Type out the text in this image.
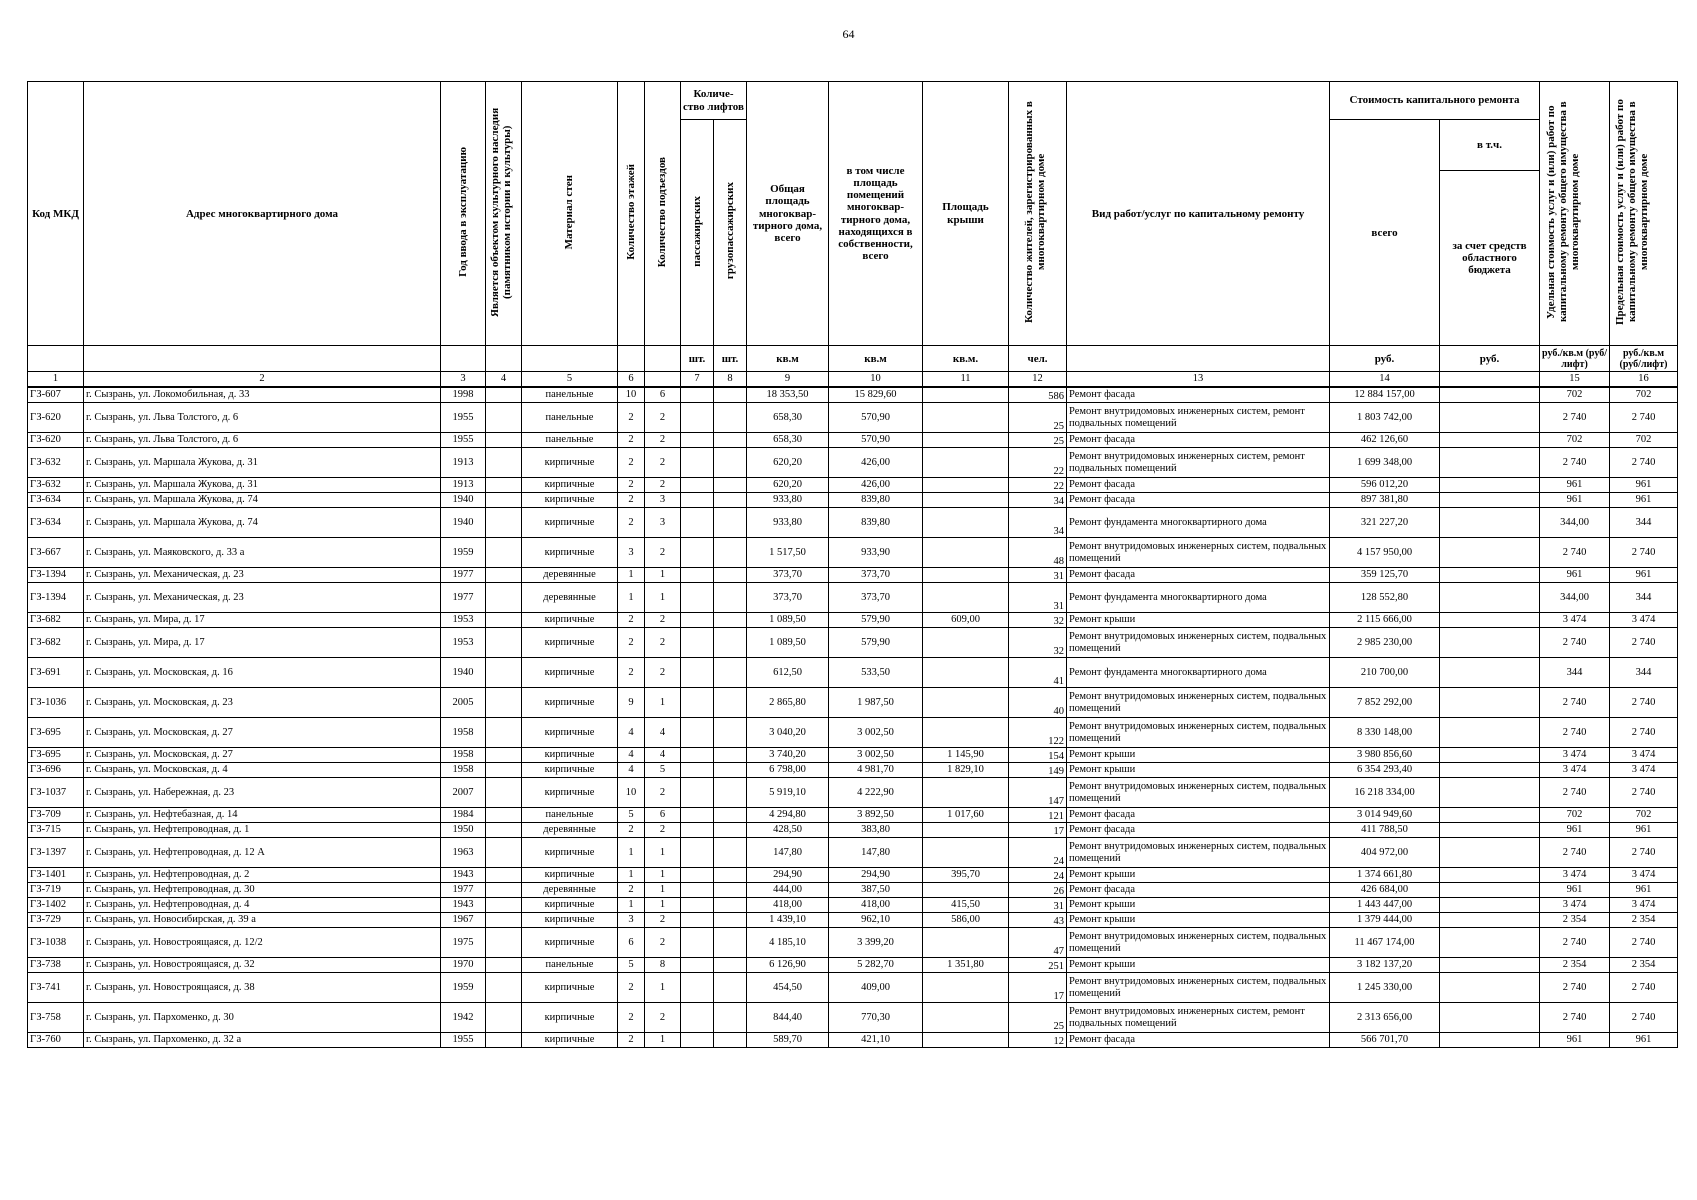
64
Код МКД	Адрес многоквартирного дома	Год ввода в эксплуатацию	Является объектом культурного наследия (памятником истории и культуры)	Материал стен	Количество этажей	Количество подъездов	Количе-ство лифтов		Общая площадь многоквар-тирного дома, всего	в том числе площадь помещений многоквар-тирного дома, находящихся в собственности, всего	Площадь крыши	Количество жителей, зарегистрированных в многоквартирном доме	Вид работ/услуг по капитальному ремонту	Стоимость капитального ремонта		Удельная стоимость услуг и (или) работ по капитальному ремонту общего имущества в многоквартирном доме	Предельная стоимость услуг и (или) работ по капитальному ремонту общего имущества в многоквартирном доме
							пассажирских	грузопассажирских						всего	в т.ч.		
															за счет средств областного бюджета		
							шт.	шт.	кв.м	кв.м	кв.м.	чел.		руб.	руб.	руб./кв.м (руб/лифт)	руб./кв.м (руб/лифт)
1	2	3	4	5	6		7	8	9	10	11	12	13	14		15	16
ГЗ-607	г. Сызрань, ул. Локомобильная, д. 33	1998		панельные	10	6			18 353,50	15 829,60		586	Ремонт фасада	12 884 157,00		702	702
ГЗ-620	г. Сызрань, ул. Льва Толстого, д. 6	1955		панельные	2	2			658,30	570,90		25	Ремонт внутридомовых инженерных систем, ремонт подвальных помещений	1 803 742,00		2 740	2 740
ГЗ-620	г. Сызрань, ул. Льва Толстого, д. 6	1955		панельные	2	2			658,30	570,90		25	Ремонт фасада	462 126,60		702	702
ГЗ-632	г. Сызрань, ул. Маршала Жукова, д. 31	1913		кирпичные	2	2			620,20	426,00		22	Ремонт внутридомовых инженерных систем, ремонт подвальных помещений	1 699 348,00		2 740	2 740
ГЗ-632	г. Сызрань, ул. Маршала Жукова, д. 31	1913		кирпичные	2	2			620,20	426,00		22	Ремонт фасада	596 012,20		961	961
ГЗ-634	г. Сызрань, ул. Маршала Жукова, д. 74	1940		кирпичные	2	3			933,80	839,80		34	Ремонт фасада	897 381,80		961	961
ГЗ-634	г. Сызрань, ул. Маршала Жукова, д. 74	1940		кирпичные	2	3			933,80	839,80		34	Ремонт фундамента многоквартирного дома	321 227,20		344,00	344
ГЗ-667	г. Сызрань, ул. Маяковского, д. 33 а	1959		кирпичные	3	2			1 517,50	933,90		48	Ремонт внутридомовых инженерных систем, подвальных помещений	4 157 950,00		2 740	2 740
ГЗ-1394	г. Сызрань, ул. Механическая, д. 23	1977		деревянные	1	1			373,70	373,70		31	Ремонт фасада	359 125,70		961	961
ГЗ-1394	г. Сызрань, ул. Механическая, д. 23	1977		деревянные	1	1			373,70	373,70		31	Ремонт фундамента многоквартирного дома	128 552,80		344,00	344
ГЗ-682	г. Сызрань, ул. Мира, д. 17	1953		кирпичные	2	2			1 089,50	579,90	609,00	32	Ремонт крыши	2 115 666,00		3 474	3 474
ГЗ-682	г. Сызрань, ул. Мира, д. 17	1953		кирпичные	2	2			1 089,50	579,90		32	Ремонт внутридомовых инженерных систем, подвальных помещений	2 985 230,00		2 740	2 740
ГЗ-691	г. Сызрань, ул. Московская, д. 16	1940		кирпичные	2	2			612,50	533,50		41	Ремонт фундамента многоквартирного дома	210 700,00		344	344
ГЗ-1036	г. Сызрань, ул. Московская, д. 23	2005		кирпичные	9	1			2 865,80	1 987,50		40	Ремонт внутридомовых инженерных систем, подвальных помещений	7 852 292,00		2 740	2 740
ГЗ-695	г. Сызрань, ул. Московская, д. 27	1958		кирпичные	4	4			3 040,20	3 002,50		122	Ремонт внутридомовых инженерных систем, подвальных помещений	8 330 148,00		2 740	2 740
ГЗ-695	г. Сызрань, ул. Московская, д. 27	1958		кирпичные	4	4			3 740,20	3 002,50	1 145,90	154	Ремонт крыши	3 980 856,60		3 474	3 474
ГЗ-696	г. Сызрань, ул. Московская, д. 4	1958		кирпичные	4	5			6 798,00	4 981,70	1 829,10	149	Ремонт крыши	6 354 293,40		3 474	3 474
ГЗ-1037	г. Сызрань, ул. Набережная, д. 23	2007		кирпичные	10	2			5 919,10	4 222,90		147	Ремонт внутридомовых инженерных систем, подвальных помещений	16 218 334,00		2 740	2 740
ГЗ-709	г. Сызрань, ул. Нефтебазная, д. 14	1984		панельные	5	6			4 294,80	3 892,50	1 017,60	121	Ремонт фасада	3 014 949,60		702	702
ГЗ-715	г. Сызрань, ул. Нефтепроводная, д. 1	1950		деревянные	2	2			428,50	383,80		17	Ремонт фасада	411 788,50		961	961
ГЗ-1397	г. Сызрань, ул. Нефтепроводная, д. 12 А	1963		кирпичные	1	1			147,80	147,80		24	Ремонт внутридомовых инженерных систем, подвальных помещений	404 972,00		2 740	2 740
ГЗ-1401	г. Сызрань, ул. Нефтепроводная, д. 2	1943		кирпичные	1	1			294,90	294,90	395,70	24	Ремонт крыши	1 374 661,80		3 474	3 474
ГЗ-719	г. Сызрань, ул. Нефтепроводная, д. 30	1977		деревянные	2	1			444,00	387,50		26	Ремонт фасада	426 684,00		961	961
ГЗ-1402	г. Сызрань, ул. Нефтепроводная, д. 4	1943		кирпичные	1	1			418,00	418,00	415,50	31	Ремонт крыши	1 443 447,00		3 474	3 474
ГЗ-729	г. Сызрань, ул. Новосибирская, д. 39 а	1967		кирпичные	3	2			1 439,10	962,10	586,00	43	Ремонт крыши	1 379 444,00		2 354	2 354
ГЗ-1038	г. Сызрань, ул. Новостроящаяся, д. 12/2	1975		кирпичные	6	2			4 185,10	3 399,20		47	Ремонт внутридомовых инженерных систем, подвальных помещений	11 467 174,00		2 740	2 740
ГЗ-738	г. Сызрань, ул. Новостроящаяся, д. 32	1970		панельные	5	8			6 126,90	5 282,70	1 351,80	251	Ремонт крыши	3 182 137,20		2 354	2 354
ГЗ-741	г. Сызрань, ул. Новостроящаяся, д. 38	1959		кирпичные	2	1			454,50	409,00		17	Ремонт внутридомовых инженерных систем, подвальных помещений	1 245 330,00		2 740	2 740
ГЗ-758	г. Сызрань, ул. Пархоменко, д. 30	1942		кирпичные	2	2			844,40	770,30		25	Ремонт внутридомовых инженерных систем, ремонт подвальных помещений	2 313 656,00		2 740	2 740
ГЗ-760	г. Сызрань, ул. Пархоменко, д. 32 а	1955		кирпичные	2	1			589,70	421,10		12	Ремонт фасада	566 701,70		961	961
